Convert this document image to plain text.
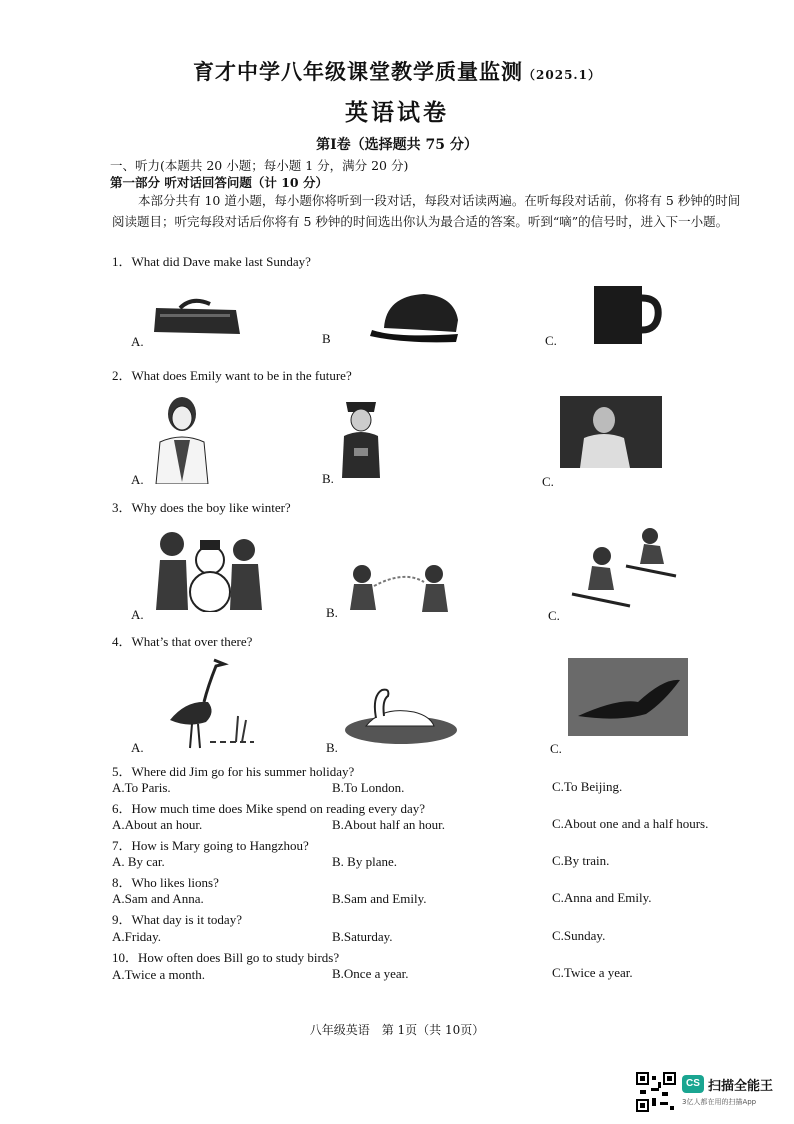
育才中学八年级课堂教学质量监测（2025.1）
英语试卷
第Ⅰ卷（选择题共 75 分）
一、听力(本题共 20 小题；每小题 1 分，满分 20 分)
第一部分 听对话回答问题（计 10 分）
本部分共有 10 道小题，每小题你将听到一段对话，每段对话读两遍。在听每段对话前，你将有 5 秒钟的时间阅读题目；听完每段对话后你将有 5 秒钟的时间选出你认为最合适的答案。听到“嘀”的信号时，进入下一小题。
1．What did Dave make last Sunday?
A.	B	C.
2．What does Emily want to be in the future?
A.	B.	C.
3．Why does the boy like winter?
A.	B.	C.
4．What’s that over there?
A.	B.	C.
5．Where did Jim go for his summer holiday?
A.To Paris.	B.To London.	C.To Beijing.
6．How much time does Mike spend on reading every day?
A.About an hour.	B.About half an hour.	C.About one and a half hours.
7．How is Mary going to Hangzhou?
A. By car.	B. By plane.	C.By train.
8．Who likes lions?
A.Sam and Anna.	B.Sam and Emily.	C.Anna and Emily.
9．What day is it today?
A.Friday.	B.Saturday.	C.Sunday.
10．How often does Bill go to study birds?
A.Twice a month.	B.Once a year.	C.Twice a year.
八年级英语　第 1页（共 10页）
CS 扫描全能王
3亿人都在用的扫描App
